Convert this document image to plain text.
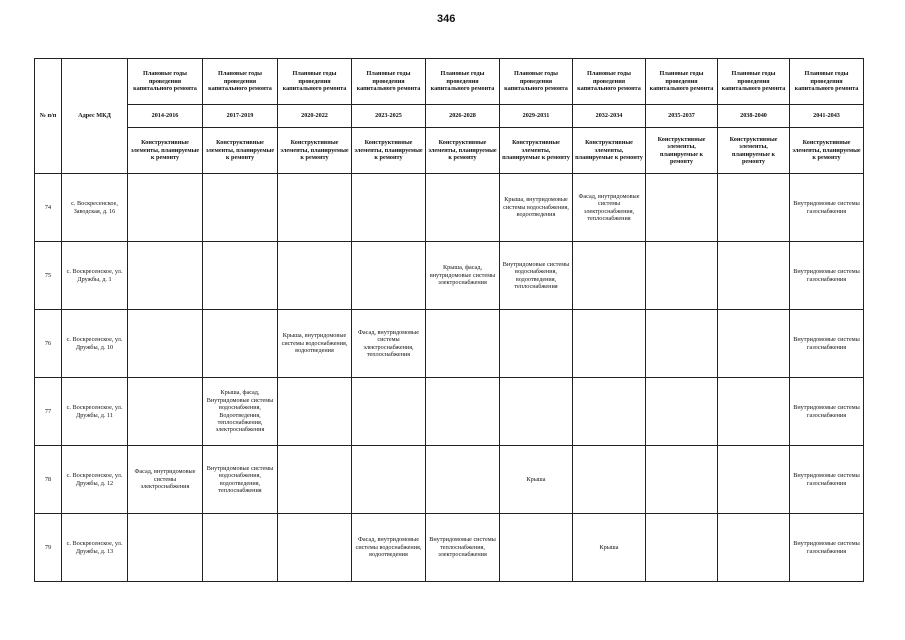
346
№ п/п	Адрес МКД	Плановые годы проведения капитального ремонта	Плановые годы проведения капитального ремонта	Плановые годы проведения капитального ремонта	Плановые годы проведения капитального ремонта	Плановые годы проведения капитального ремонта	Плановые годы проведения капитального ремонта	Плановые годы проведения капитального ремонта	Плановые годы проведения капитального ремонта	Плановые годы проведения капитального ремонта	Плановые годы проведения капитального ремонта
		2014-2016	2017-2019	2020-2022	2023-2025	2026-2028	2029-2031	2032-2034	2035-2037	2038-2040	2041-2043
		Конструктивные элементы, планируемые к ремонту	Конструктивные элементы, планируемые к ремонту	Конструктивные элементы, планируемые к ремонту	Конструктивные элементы, планируемые к ремонту	Конструктивные элементы, планируемые к ремонту	Конструктивные элементы, планируемые к ремонту	Конструктивные элементы, планируемые к ремонту	Конструктивные элементы, планируемые к ремонту	Конструктивные элементы, планируемые к ремонту	Конструктивные элементы, планируемые к ремонту
74	с. Воскресенское, Заводская, д. 16						Крыша, внутридомовые системы водоснабжения, водоотведения	Фасад, внутридомовые системы электроснабжения, теплоснабжения			Внутридомовые системы газоснабжения
75	с. Воскресенское, ул. Дружбы, д. 1					Крыша, фасад, внутридомовые системы электроснабжения	Внутридомовые системы водоснабжения, водоотведения, теплоснабжения				Внутридомовые системы газоснабжения
76	с. Воскресенское, ул. Дружбы, д. 10			Крыша, внутридомовые системы водоснабжения, водоотведения	Фасад, внутридомовые системы электроснабжения, теплоснабжения						Внутридомовые системы газоснабжения
77	с. Воскресенское, ул. Дружбы, д. 11		Крыша, фасад, Внутридомовые системы водоснабжения, Водоотведения, теплоснабжения, электроснабжения								Внутридомовые системы газоснабжения
78	с. Воскресенское, ул. Дружбы, д. 12	Фасад, внутридомовые системы электроснабжения	Внутридомовые системы водоснабжения, водоотведения, теплоснабжения				Крыша				Внутридомовые системы газоснабжения
79	с. Воскресенское, ул. Дружбы, д. 13				Фасад, внутридомовые системы водоснабжения, водоотведения	Внутридомовые системы теплоснабжения, электроснабжения		Крыша			Внутридомовые системы газоснабжения
